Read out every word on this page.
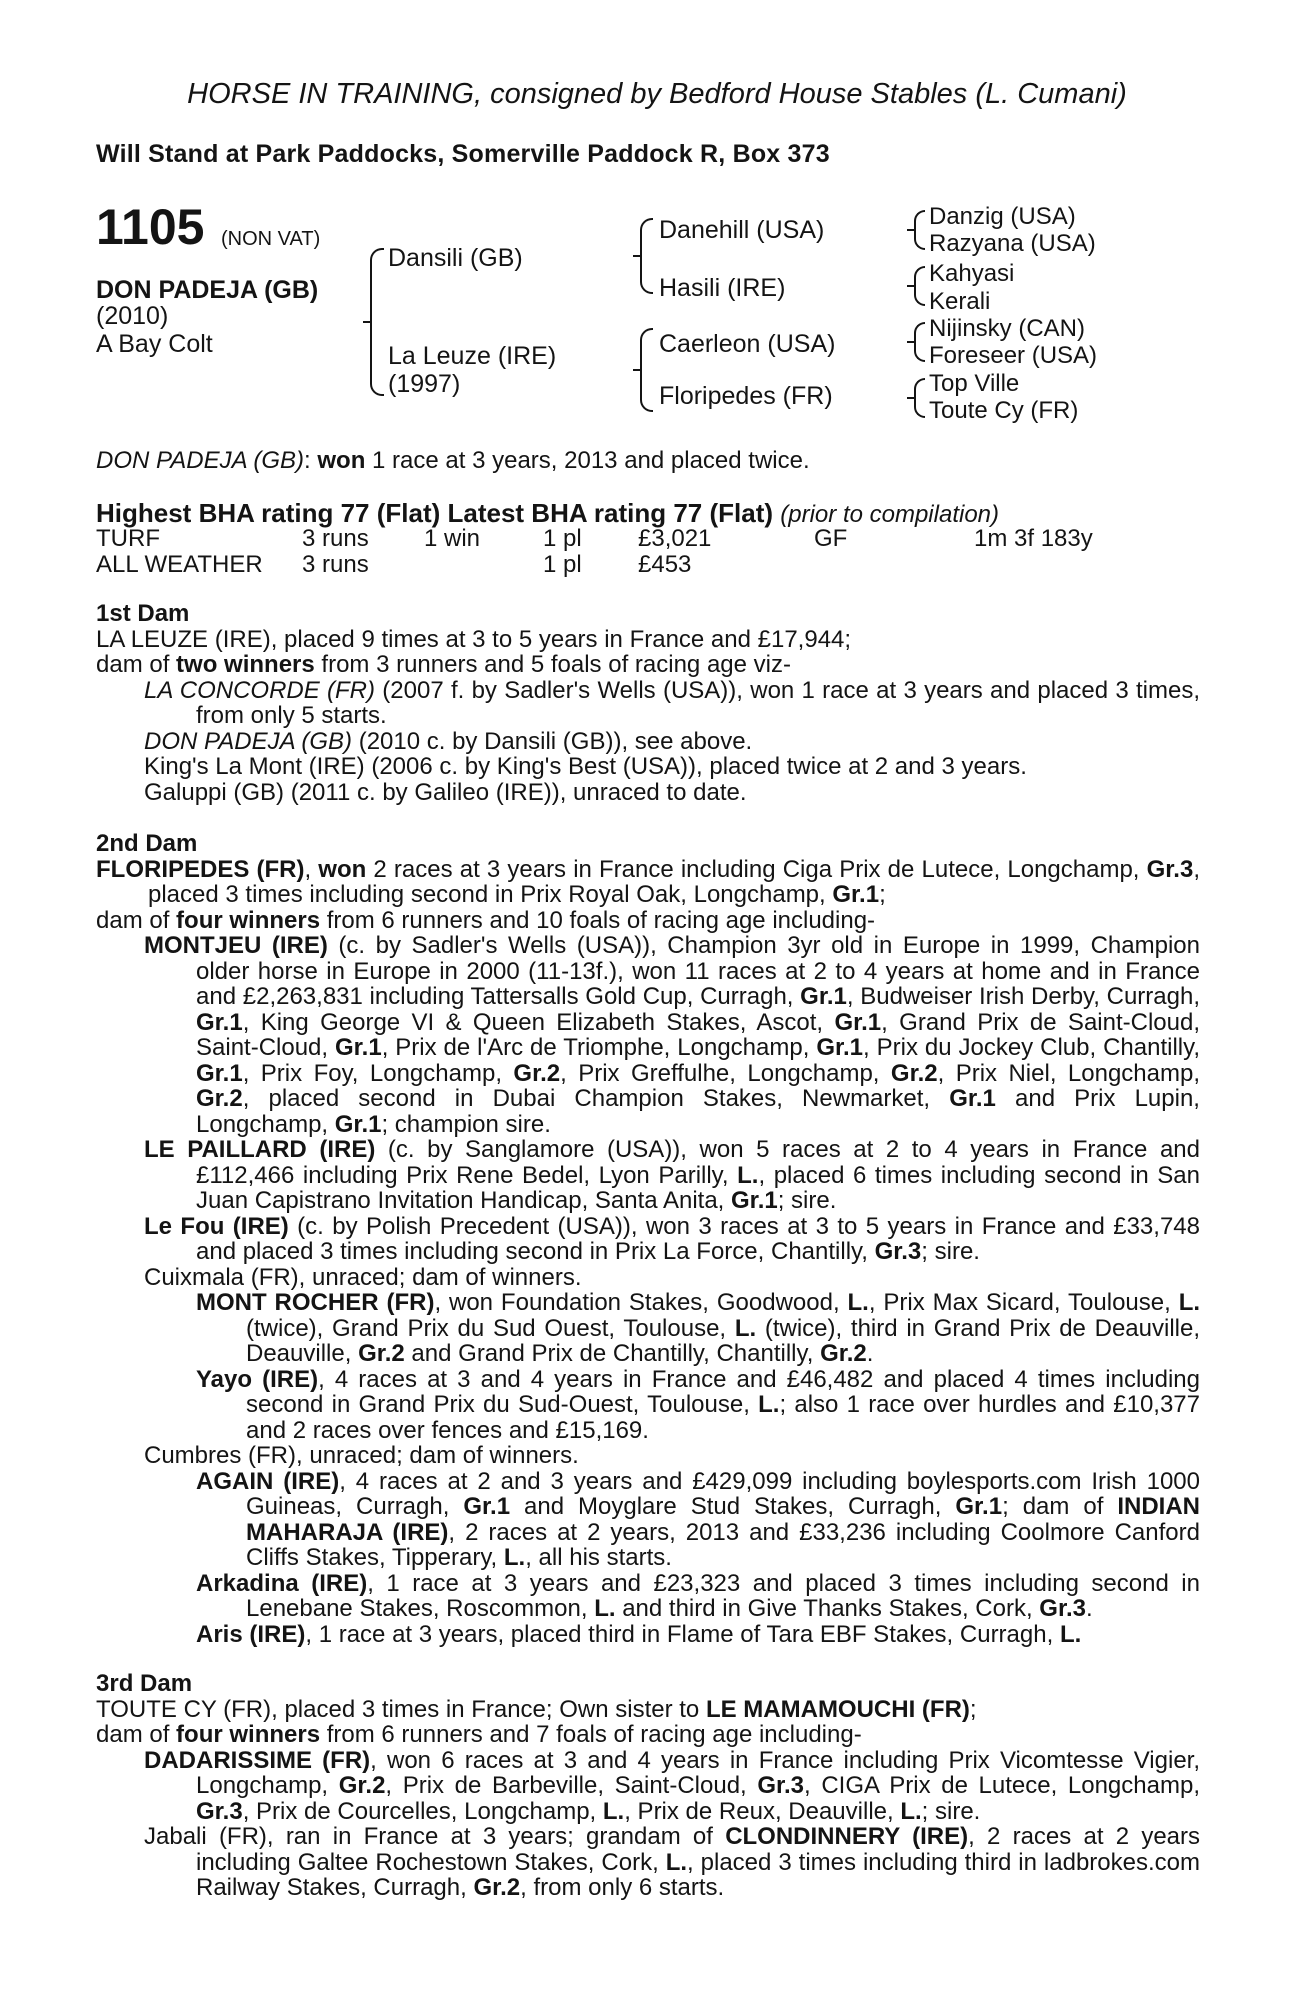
HORSE IN TRAINING, consigned by Bedford House Stables (L. Cumani)
Will Stand at Park Paddocks, Somerville Paddock R, Box 373
1105 (NON VAT)
DON PADEJA (GB)
(2010)
A Bay Colt
Dansili (GB)
La Leuze (IRE)
(1997)
Danehill (USA)
Hasili (IRE)
Caerleon (USA)
Floripedes (FR)
Danzig (USA)
Razyana (USA)
Kahyasi
Kerali
Nijinsky (CAN)
Foreseer (USA)
Top Ville
Toute Cy (FR)
DON PADEJA (GB): won 1 race at 3 years, 2013 and placed twice.
Highest BHA rating 77 (Flat) Latest BHA rating 77 (Flat) (prior to compilation)
TURF	3 runs 1 win	1 pl £3,021	GF	1m 3f 183y
ALL WEATHER 3 runs	1 pl £453

1st Dam

LA LEUZE (IRE), placed 9 times at 3 to 5 years in France and £17,944;

dam of two winners from 3 runners and 5 foals of racing age viz-

LA CONCORDE (FR) (2007 f. by Sadler's Wells (USA)), won 1 race at 3 years and placed 3 times, from only 5 starts.

DON PADEJA (GB) (2010 c. by Dansili (GB)), see above.

King's La Mont (IRE) (2006 c. by King's Best (USA)), placed twice at 2 and 3 years.

Galuppi (GB) (2011 c. by Galileo (IRE)), unraced to date.

2nd Dam

FLORIPEDES (FR), won 2 races at 3 years in France including Ciga Prix de Lutece, Longchamp, Gr.3, placed 3 times including second in Prix Royal Oak, Longchamp, Gr.1;

dam of four winners from 6 runners and 10 foals of racing age including-

MONTJEU (IRE) (c. by Sadler's Wells (USA)), Champion 3yr old in Europe in 1999, Champion older horse in Europe in 2000 (11-13f.), won 11 races at 2 to 4 years at home and in France and £2,263,831 including Tattersalls Gold Cup, Curragh, Gr.1, Budweiser Irish Derby, Curragh, Gr.1, King George VI & Queen Elizabeth Stakes, Ascot, Gr.1, Grand Prix de Saint-Cloud, Saint-Cloud, Gr.1, Prix de l'Arc de Triomphe, Longchamp, Gr.1, Prix du Jockey Club, Chantilly, Gr.1, Prix Foy, Longchamp, Gr.2, Prix Greffulhe, Longchamp, Gr.2, Prix Niel, Longchamp, Gr.2, placed second in Dubai Champion Stakes, Newmarket, Gr.1 and Prix Lupin, Longchamp, Gr.1; champion sire.

LE PAILLARD (IRE) (c. by Sanglamore (USA)), won 5 races at 2 to 4 years in France and £112,466 including Prix Rene Bedel, Lyon Parilly, L., placed 6 times including second in San Juan Capistrano Invitation Handicap, Santa Anita, Gr.1; sire.

Le Fou (IRE) (c. by Polish Precedent (USA)), won 3 races at 3 to 5 years in France and £33,748 and placed 3 times including second in Prix La Force, Chantilly, Gr.3; sire.

Cuixmala (FR), unraced; dam of winners.

MONT ROCHER (FR), won Foundation Stakes, Goodwood, L., Prix Max Sicard, Toulouse, L. (twice), Grand Prix du Sud Ouest, Toulouse, L. (twice), third in Grand Prix de Deauville, Deauville, Gr.2 and Grand Prix de Chantilly, Chantilly, Gr.2.

Yayo (IRE), 4 races at 3 and 4 years in France and £46,482 and placed 4 times including second in Grand Prix du Sud-Ouest, Toulouse, L.; also 1 race over hurdles and £10,377 and 2 races over fences and £15,169.

Cumbres (FR), unraced; dam of winners.

AGAIN (IRE), 4 races at 2 and 3 years and £429,099 including boylesports.com Irish 1000 Guineas, Curragh, Gr.1 and Moyglare Stud Stakes, Curragh, Gr.1; dam of INDIAN MAHARAJA (IRE), 2 races at 2 years, 2013 and £33,236 including Coolmore Canford Cliffs Stakes, Tipperary, L., all his starts.

Arkadina (IRE), 1 race at 3 years and £23,323 and placed 3 times including second in Lenebane Stakes, Roscommon, L. and third in Give Thanks Stakes, Cork, Gr.3.

Aris (IRE), 1 race at 3 years, placed third in Flame of Tara EBF Stakes, Curragh, L.

3rd Dam

TOUTE CY (FR), placed 3 times in France; Own sister to LE MAMAMOUCHI (FR);

dam of four winners from 6 runners and 7 foals of racing age including-

DADARISSIME (FR), won 6 races at 3 and 4 years in France including Prix Vicomtesse Vigier, Longchamp, Gr.2, Prix de Barbeville, Saint-Cloud, Gr.3, CIGA Prix de Lutece, Longchamp, Gr.3, Prix de Courcelles, Longchamp, L., Prix de Reux, Deauville, L.; sire.

Jabali (FR), ran in France at 3 years; grandam of CLONDINNERY (IRE), 2 races at 2 years including Galtee Rochestown Stakes, Cork, L., placed 3 times including third in ladbrokes.com Railway Stakes, Curragh, Gr.2, from only 6 starts.
